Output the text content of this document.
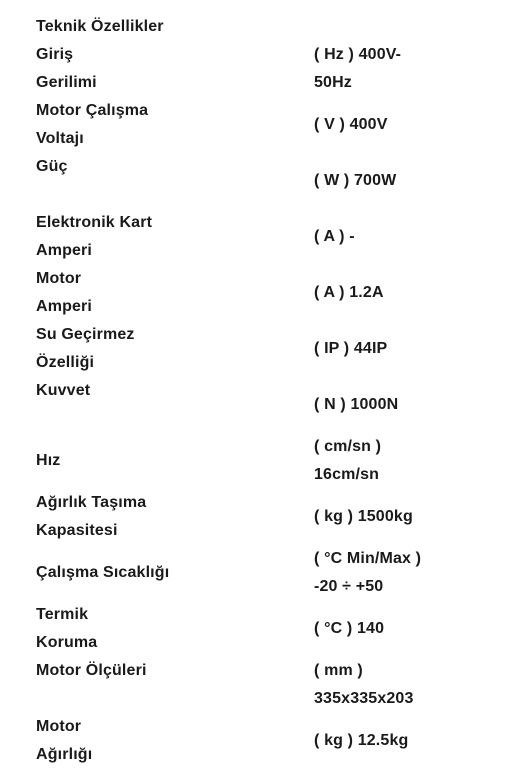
Teknik Özellikler
Giriş
Gerilimi
( Hz ) 400V-
50Hz
Motor Çalışma
Voltajı
( V ) 400V
Güç
( W ) 700W
Elektronik Kart
Amperi
( A ) -
Motor
Amperi
( A ) 1.2A
Su Geçirmez
Özelliği
( IP ) 44IP
Kuvvet
( N ) 1000N
Hız
( cm/sn )
16cm/sn
Ağırlık Taşıma
Kapasitesi
( kg ) 1500kg
Çalışma Sıcaklığı
( °C Min/Max )
-20 ÷ +50
Termik
Koruma
( °C ) 140
Motor Ölçüleri	( mm )
335x335x203
Motor
Ağırlığı
( kg ) 12.5kg
